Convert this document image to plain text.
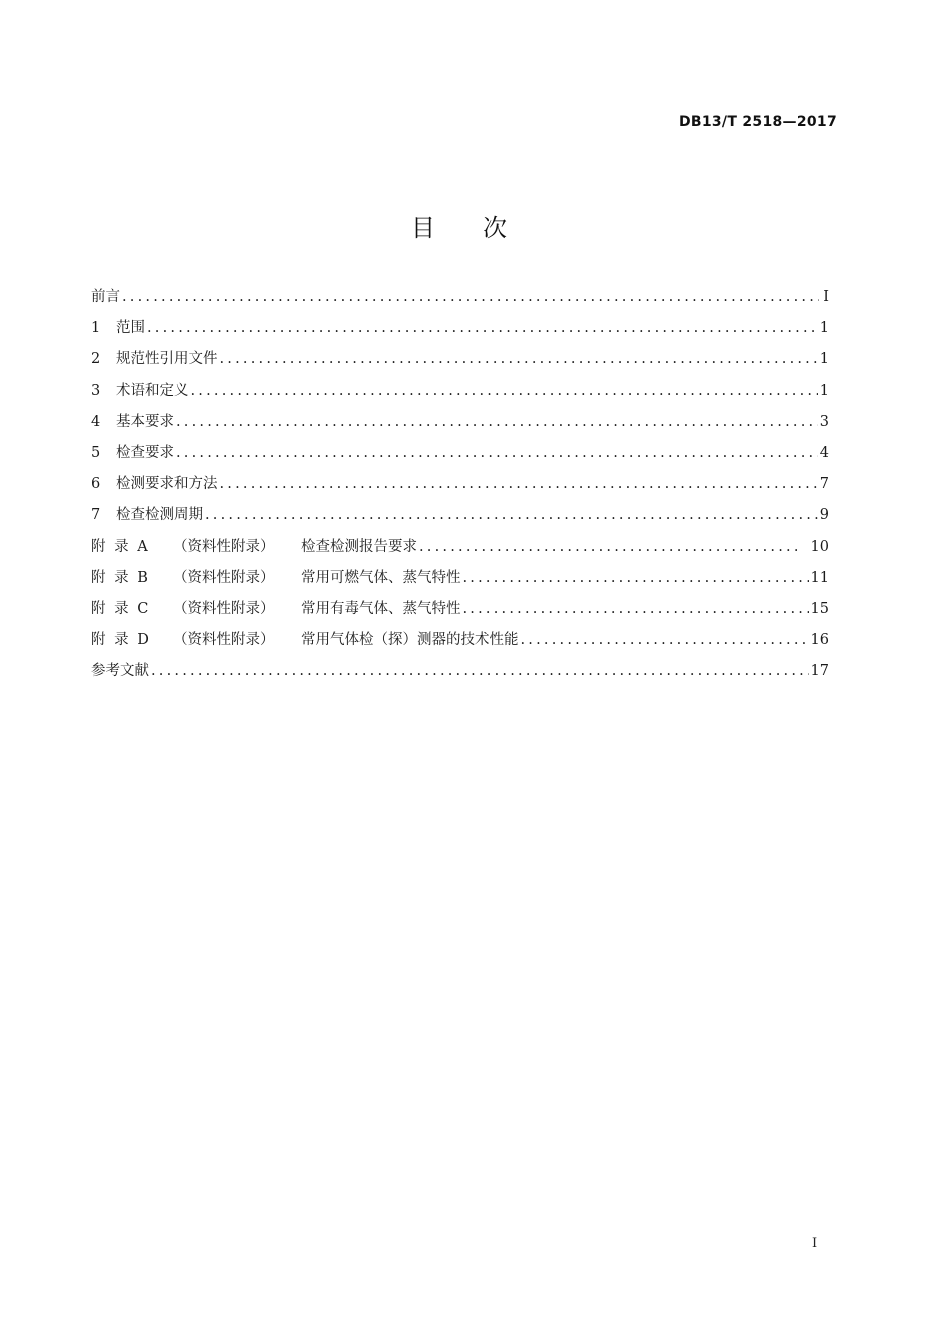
DB13/T 2518—2017
目次
前言 .....	I
1	范围 .....	1
2	规范性引用文件 .....	1
3	术语和定义 .....	1
4	基本要求 .....	3
5	检查要求 .....	4
6	检测要求和方法 .....	7
7	检查检测周期 .....	9
附 录 A	（资料性附录）	检查检测报告要求 .....	10
附 录 B	（资料性附录）	常用可燃气体、蒸气特性 .....	11
附 录 C	（资料性附录）	常用有毒气体、蒸气特性 .....	15
附 录 D	（资料性附录）	常用气体检（探）测器的技术性能 .....	16
参考文献 .....	17
I
